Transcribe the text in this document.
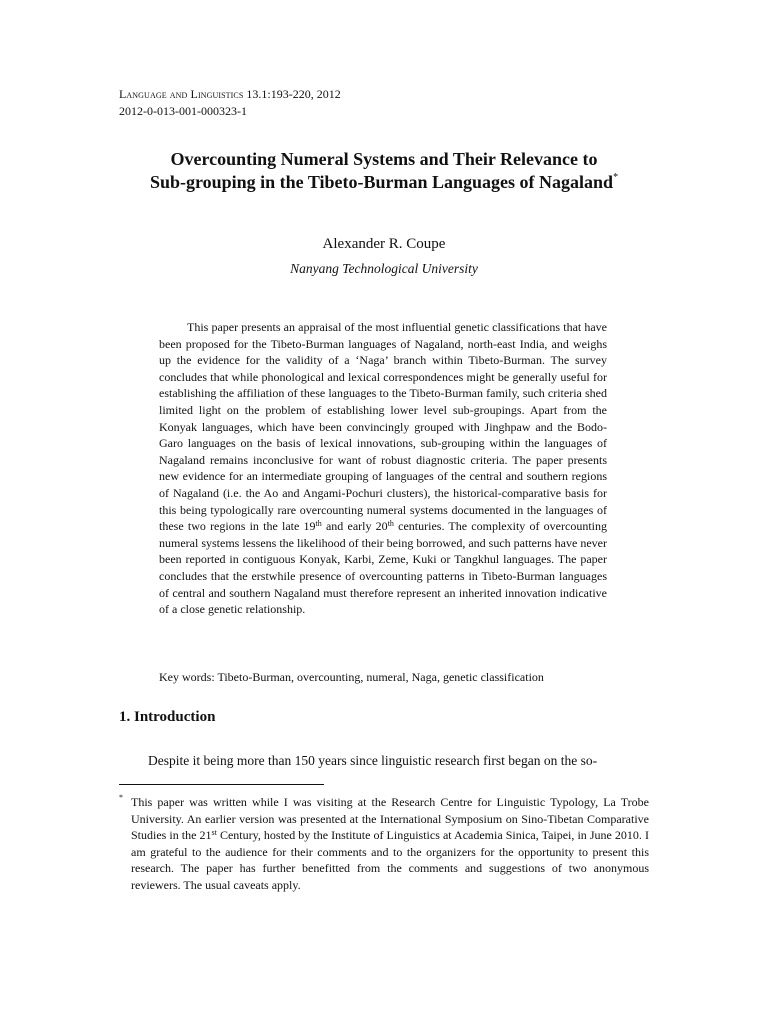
Language and Linguistics 13.1:193-220, 2012
2012-0-013-001-000323-1
Overcounting Numeral Systems and Their Relevance to
Sub-grouping in the Tibeto-Burman Languages of Nagaland*
Alexander R. Coupe
Nanyang Technological University

This paper presents an appraisal of the most influential genetic classifications that have been proposed for the Tibeto-Burman languages of Nagaland, north-east India, and weighs up the evidence for the validity of a ‘Naga’ branch within Tibeto-Burman. The survey concludes that while phonological and lexical correspondences might be generally useful for establishing the affiliation of these languages to the Tibeto-Burman family, such criteria shed limited light on the problem of establishing lower level sub-groupings. Apart from the Konyak languages, which have been convincingly grouped with Jinghpaw and the Bodo-Garo languages on the basis of lexical innovations, sub-grouping within the languages of Nagaland remains inconclusive for want of robust diagnostic criteria. The paper presents new evidence for an intermediate grouping of languages of the central and southern regions of Nagaland (i.e. the Ao and Angami-Pochuri clusters), the historical-comparative basis for this being typologically rare overcounting numeral systems documented in the languages of these two regions in the late 19th and early 20th centuries. The complexity of overcounting numeral systems lessens the likelihood of their being borrowed, and such patterns have never been reported in contiguous Konyak, Karbi, Zeme, Kuki or Tangkhul languages. The paper concludes that the erstwhile presence of overcounting patterns in Tibeto-Burman languages of central and southern Nagaland must therefore represent an inherited innovation indicative of a close genetic relationship.

Key words: Tibeto-Burman, overcounting, numeral, Naga, genetic classification
1. Introduction
Despite it being more than 150 years since linguistic research first began on the so-
* This paper was written while I was visiting at the Research Centre for Linguistic Typology, La Trobe University. An earlier version was presented at the International Symposium on Sino-Tibetan Comparative Studies in the 21st Century, hosted by the Institute of Linguistics at Academia Sinica, Taipei, in June 2010. I am grateful to the audience for their comments and to the organizers for the opportunity to present this research. The paper has further benefitted from the comments and suggestions of two anonymous reviewers. The usual caveats apply.
